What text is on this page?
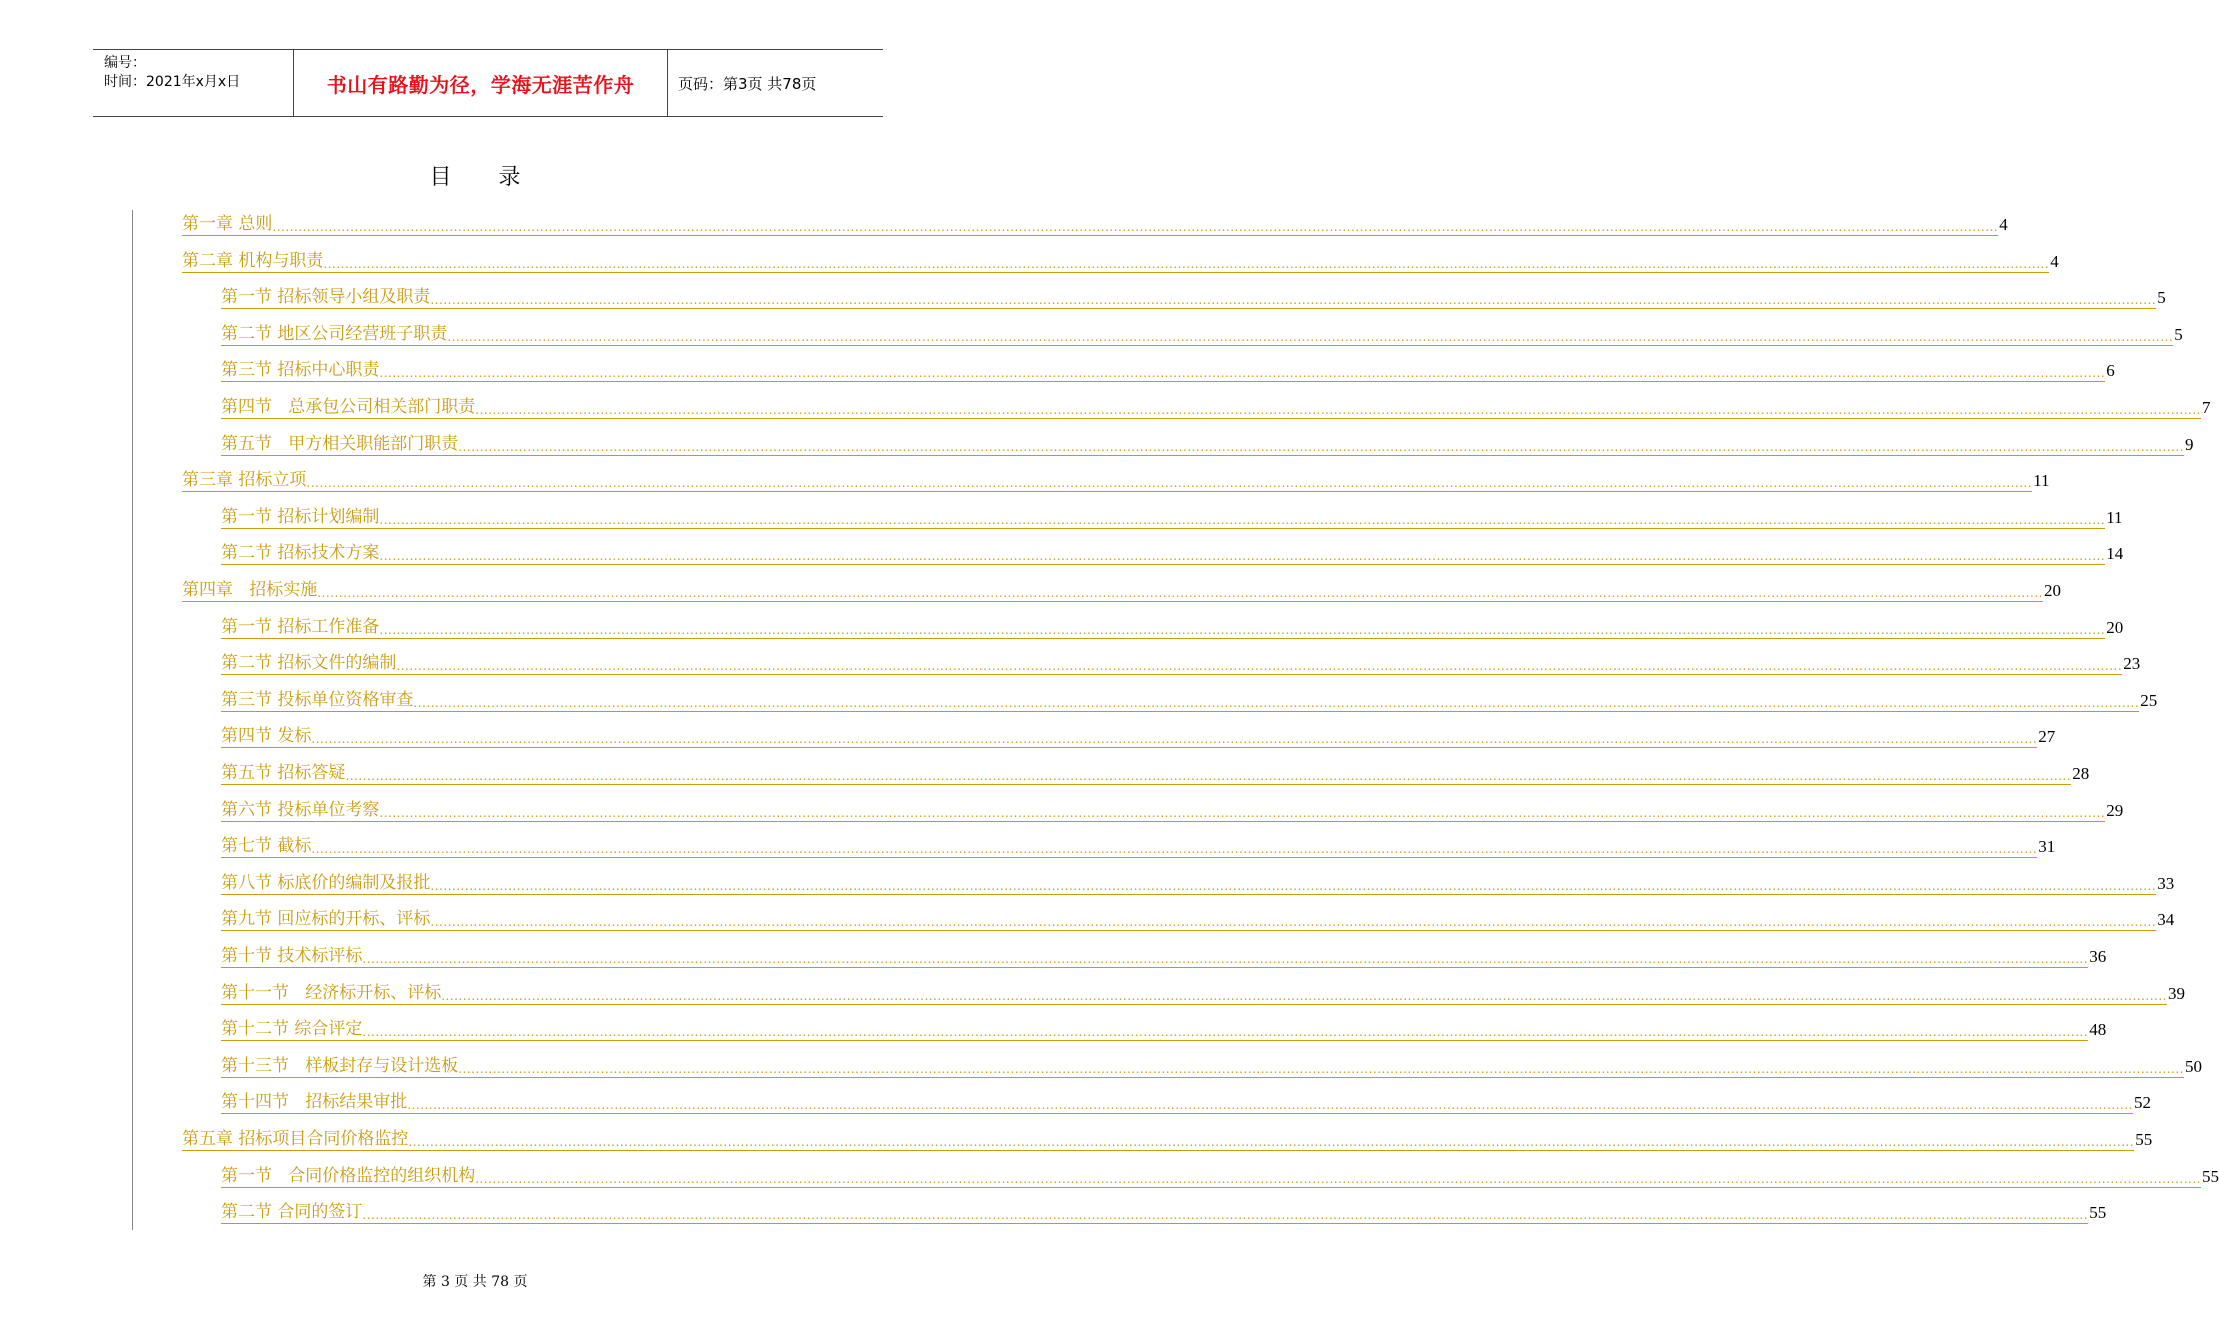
编号：
时间：2021年x月x日	书山有路勤为径，学海无涯苦作舟	页码：第3页 共78页
目 录
第一章 总则 ................................................................................................................................................................................................................................................................................................................................................................................................................ 4
第二章 机构与职责 ................................................................................................................................................................................................................................................................................................................................................................................................................ 4
第一节 招标领导小组及职责 ................................................................................................................................................................................................................................................................................................................................................................................................................ 5
第二节 地区公司经营班子职责 ................................................................................................................................................................................................................................................................................................................................................................................................................ 5
第三节 招标中心职责 ................................................................................................................................................................................................................................................................................................................................................................................................................ 6
第四节   总承包公司相关部门职责 ................................................................................................................................................................................................................................................................................................................................................................................................................ 7
第五节   甲方相关职能部门职责 ................................................................................................................................................................................................................................................................................................................................................................................................................ 9
第三章 招标立项 ................................................................................................................................................................................................................................................................................................................................................................................................................ 11
第一节 招标计划编制 ................................................................................................................................................................................................................................................................................................................................................................................................................ 11
第二节 招标技术方案 ................................................................................................................................................................................................................................................................................................................................................................................................................ 14
第四章   招标实施 ................................................................................................................................................................................................................................................................................................................................................................................................................ 20
第一节 招标工作准备 ................................................................................................................................................................................................................................................................................................................................................................................................................ 20
第二节 招标文件的编制 ................................................................................................................................................................................................................................................................................................................................................................................................................ 23
第三节 投标单位资格审查 ................................................................................................................................................................................................................................................................................................................................................................................................................ 25
第四节 发标 ................................................................................................................................................................................................................................................................................................................................................................................................................ 27
第五节 招标答疑 ................................................................................................................................................................................................................................................................................................................................................................................................................ 28
第六节 投标单位考察 ................................................................................................................................................................................................................................................................................................................................................................................................................ 29
第七节 截标 ................................................................................................................................................................................................................................................................................................................................................................................................................ 31
第八节 标底价的编制及报批 ................................................................................................................................................................................................................................................................................................................................................................................................................ 33
第九节 回应标的开标、评标 ................................................................................................................................................................................................................................................................................................................................................................................................................ 34
第十节 技术标评标 ................................................................................................................................................................................................................................................................................................................................................................................................................ 36
第十一节   经济标开标、评标 ................................................................................................................................................................................................................................................................................................................................................................................................................ 39
第十二节 综合评定 ................................................................................................................................................................................................................................................................................................................................................................................................................ 48
第十三节   样板封存与设计选板 ................................................................................................................................................................................................................................................................................................................................................................................................................ 50
第十四节   招标结果审批 ................................................................................................................................................................................................................................................................................................................................................................................................................ 52
第五章 招标项目合同价格监控 ................................................................................................................................................................................................................................................................................................................................................................................................................ 55
第一节   合同价格监控的组织机构 ................................................................................................................................................................................................................................................................................................................................................................................................................ 55
第二节 合同的签订 ................................................................................................................................................................................................................................................................................................................................................................................................................ 55
第 3 页 共 78 页
